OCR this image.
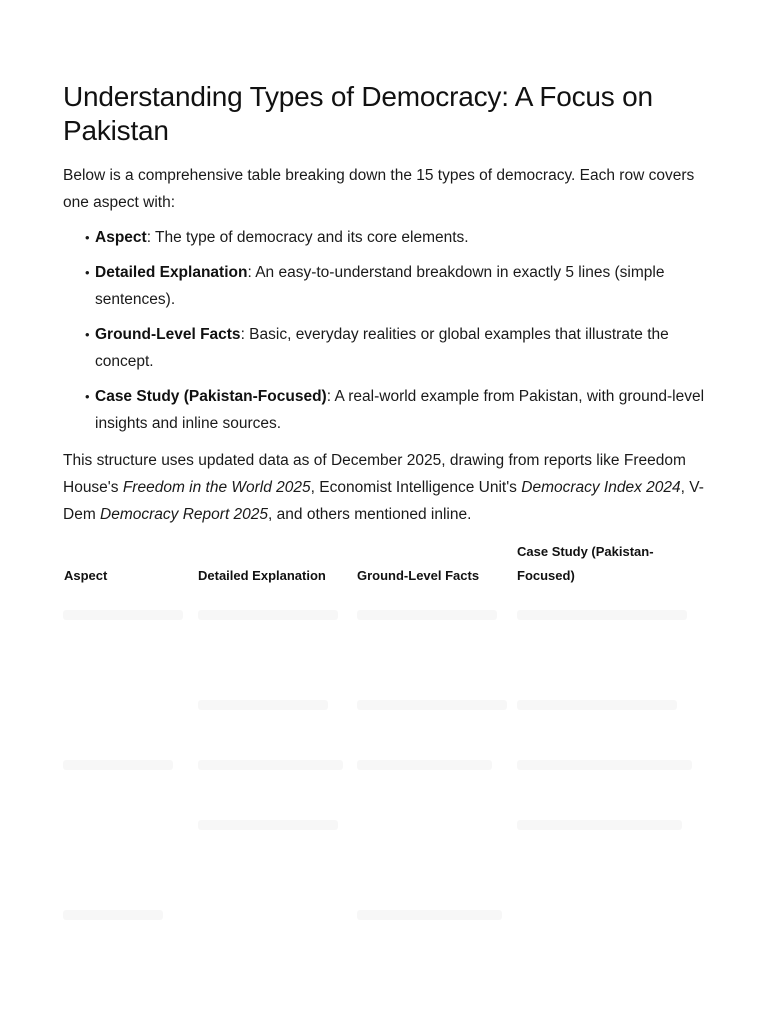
Understanding Types of Democracy: A Focus on Pakistan

Below is a comprehensive table breaking down the 15 types of democracy. Each row covers one aspect with:

• Aspect: The type of democracy and its core elements.
• Detailed Explanation: An easy-to-understand breakdown in exactly 5 lines (simple sentences).
• Ground-Level Facts: Basic, everyday realities or global examples that illustrate the concept.
• Case Study (Pakistan-Focused): A real-world example from Pakistan, with ground-level insights and inline sources.

This structure uses updated data as of December 2025, drawing from reports like Freedom House's Freedom in the World 2025, Economist Intelligence Unit's Democracy Index 2024, V-Dem Democracy Report 2025, and others mentioned inline.

Aspect	Detailed Explanation	Ground-Level Facts	Case Study (Pakistan-Focused)
